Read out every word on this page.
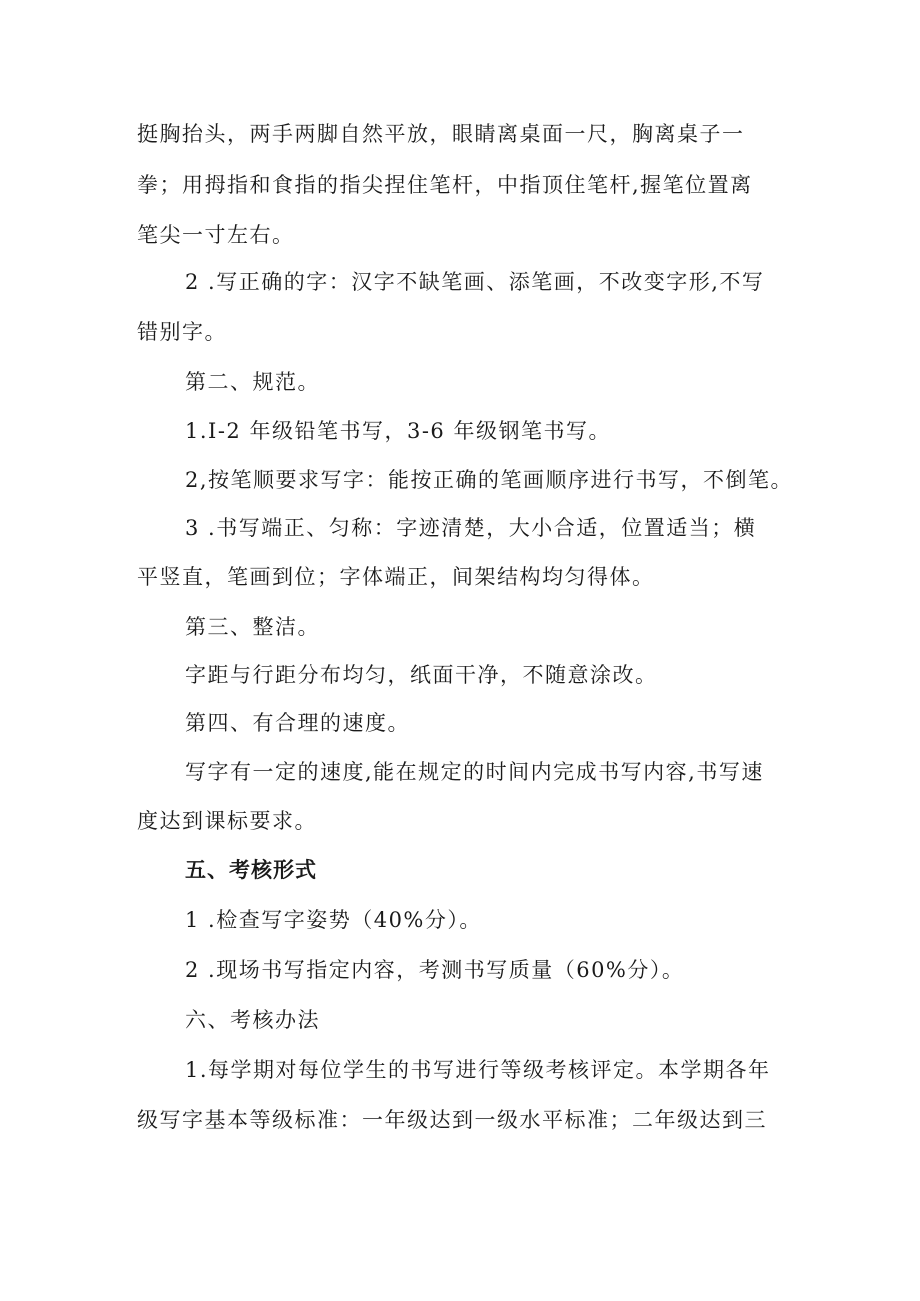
挺胸抬头，两手两脚自然平放，眼睛离桌面一尺，胸离桌子一
拳；用拇指和食指的指尖捏住笔杆，中指顶住笔杆,握笔位置离
笔尖一寸左右。
2 .写正确的字：汉字不缺笔画、添笔画，不改变字形,不写
错别字。
第二、规范。
1.I-2 年级铅笔书写，3-6 年级钢笔书写。
2,按笔顺要求写字：能按正确的笔画顺序进行书写，不倒笔。
3 .书写端正、匀称：字迹清楚，大小合适，位置适当；横
平竖直，笔画到位；字体端正，间架结构均匀得体。
第三、整洁。
字距与行距分布均匀，纸面干净，不随意涂改。
第四、有合理的速度。
写字有一定的速度,能在规定的时间内完成书写内容,书写速
度达到课标要求。
五、考核形式
1 .检查写字姿势（40%分）。
2 .现场书写指定内容，考测书写质量（60%分）。
六、考核办法
1.每学期对每位学生的书写进行等级考核评定。本学期各年
级写字基本等级标准：一年级达到一级水平标准；二年级达到三
